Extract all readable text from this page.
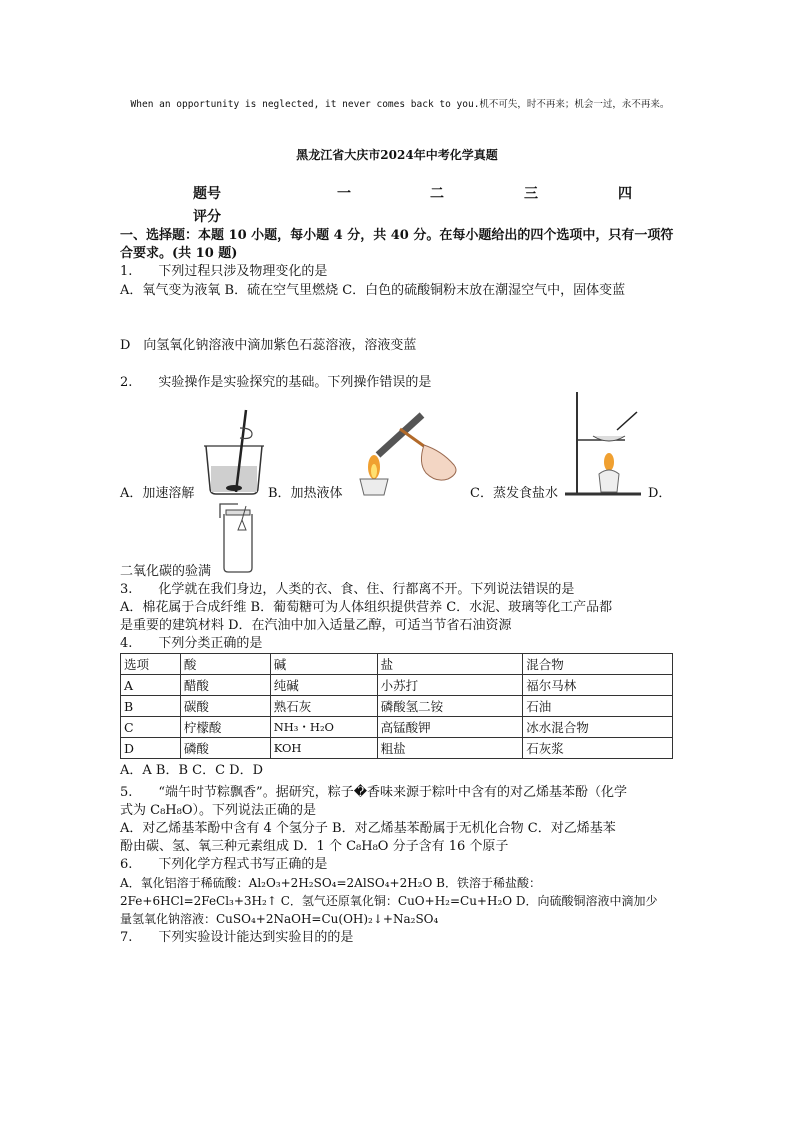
When an opportunity is neglected, it never comes back to you.机不可失，时不再来；机会一过，永不再来。
黑龙江省大庆市2024年中考化学真题
题号	一	二	三	四
评分
一、选择题：本题 10 小题，每小题 4 分，共 40 分。在每小题给出的四个选项中，只有一项符合要求。(共 10 题)
1.　　下列过程只涉及物理变化的是
A．氧气变为液氧 B．硫在空气里燃烧 C．白色的硫酸铜粉末放在潮湿空气中，固体变蓝
D　向氢氧化钠溶液中滴加紫色石蕊溶液，溶液变蓝
2.　　实验操作是实验探究的基础。下列操作错误的是
A．加速溶解	B．加热液体	C．蒸发食盐水	D．
二氧化碳的验满
3.　　化学就在我们身边，人类的衣、食、住、行都离不开。下列说法错误的是
A．棉花属于合成纤维 B．葡萄糖可为人体组织提供营养 C．水泥、玻璃等化工产品都
是重要的建筑材料 D．在汽油中加入适量乙醇，可适当节省石油资源
4.　　下列分类正确的是
选项	酸	碱	盐	混合物
A	醋酸	纯碱	小苏打	福尔马林
B	碳酸	熟石灰	磷酸氢二铵	石油
C	柠檬酸	NH₃・H₂O	高锰酸钾	冰水混合物
D	磷酸	KOH	粗盐	石灰浆
A．A B．B C．C D．D
5.　　“端午时节粽飘香”。据研究，粽子�香味来源于粽叶中含有的对乙烯基苯酚（化学
式为 C₈H₈O）。下列说法正确的是
A．对乙烯基苯酚中含有 4 个氢分子 B．对乙烯基苯酚属于无机化合物 C．对乙烯基苯
酚由碳、氢、氧三种元素组成 D．1 个 C₈H₈O 分子含有 16 个原子
6.　　下列化学方程式书写正确的是
A．氧化铝溶于稀硫酸：Al₂O₃+2H₂SO₄=2AlSO₄+2H₂O B．铁溶于稀盐酸：
2Fe+6HCl=2FeCl₃+3H₂↑ C．氢气还原氧化铜：CuO+H₂=Cu+H₂O D．向硫酸铜溶液中滴加少
量氢氧化钠溶液：CuSO₄+2NaOH=Cu(OH)₂↓+Na₂SO₄
7.　　下列实验设计能达到实验目的的是
